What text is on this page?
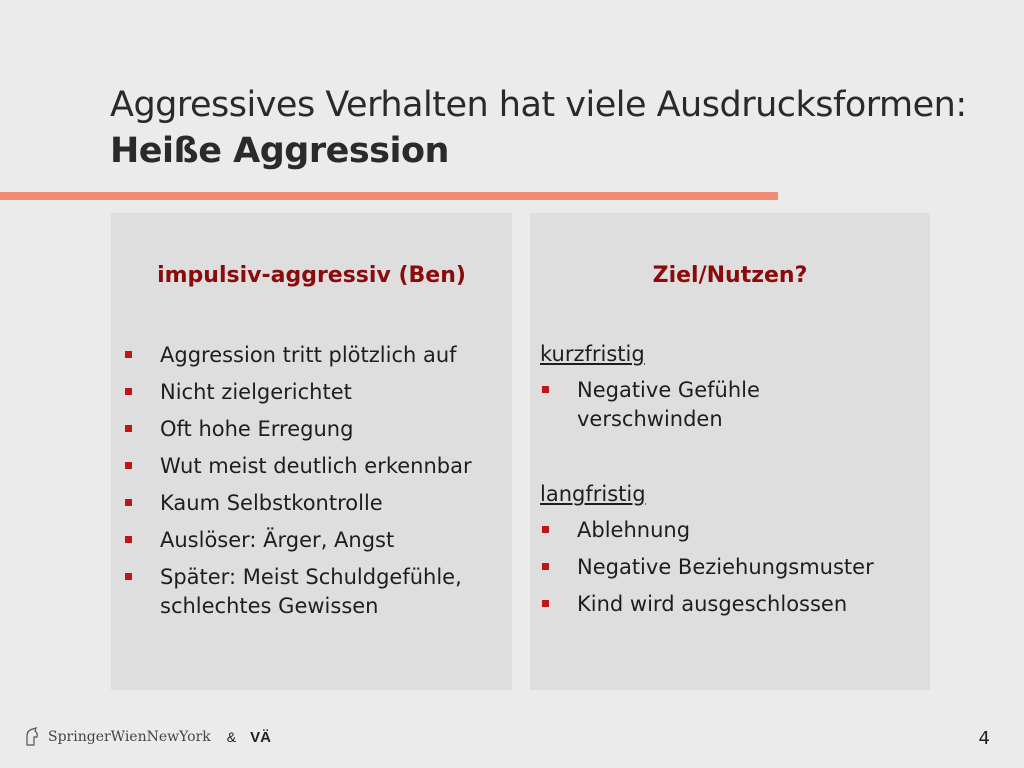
Aggressives Verhalten hat viele Ausdrucksformen:
Heiße Aggression
impulsiv-aggressiv (Ben)
Aggression tritt plötzlich auf
Nicht zielgerichtet
Oft hohe Erregung
Wut meist deutlich erkennbar
Kaum Selbstkontrolle
Auslöser: Ärger, Angst
Später: Meist Schuldgefühle, schlechtes Gewissen
Ziel/Nutzen?
kurzfristig
Negative Gefühle verschwinden
langfristig
Ablehnung
Negative Beziehungsmuster
Kind wird ausgeschlossen
SpringerWienNewYork & VÄ	4
